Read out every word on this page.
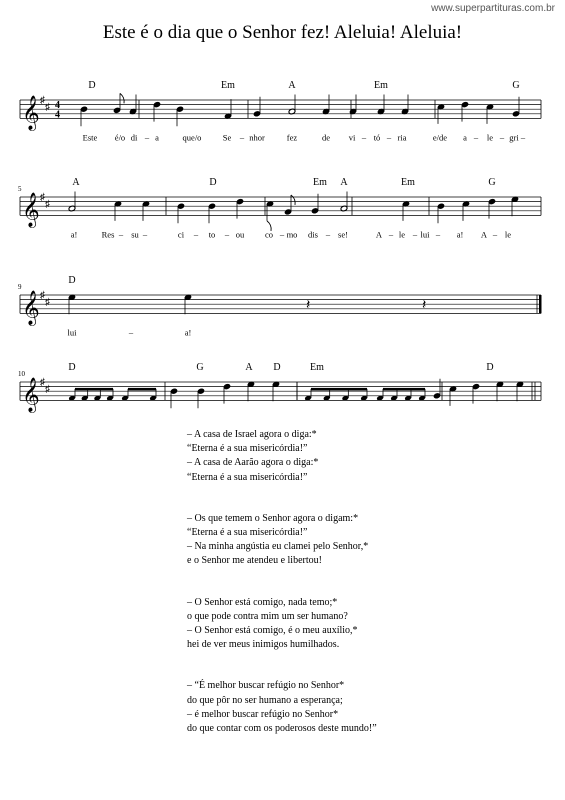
www.superpartituras.com.br
Este é o dia que o Senhor fez! Aleluia! Aleluia!
𝄞 ♯
♯ 4
4
D	Em	A	Em	G
Este é/o di – a	que/o	Se – nhor	fez	de vi – tó – ria	e/de a – le – gri –
𝄞 ♯
♯
5
A	D	Em A	Em	G
a!	Res – su –	ci – to – ou co – mo dis – se!	A – le – lui – a! A – le
𝄞 ♯
♯	𝄽	𝄽
9
D
lui	–	a!
𝄞 ♯
♯
10
D	G	A D	Em	D
– A casa de Israel agora o diga:*
“Eterna é a sua misericórdia!”
– A casa de Aarão agora o diga:*
“Eterna é a sua misericórdia!”
– Os que temem o Senhor agora o digam:*
“Eterna é a sua misericórdia!”
– Na minha angústia eu clamei pelo Senhor,*
e o Senhor me atendeu e libertou!
– O Senhor está comigo, nada temo;*
o que pode contra mim um ser humano?
– O Senhor está comigo, é o meu auxílio,*
hei de ver meus inimigos humilhados.
– “É melhor buscar refúgio no Senhor*
do que pôr no ser humano a esperança;
– é melhor buscar refúgio no Senhor*
do que contar com os poderosos deste mundo!”
